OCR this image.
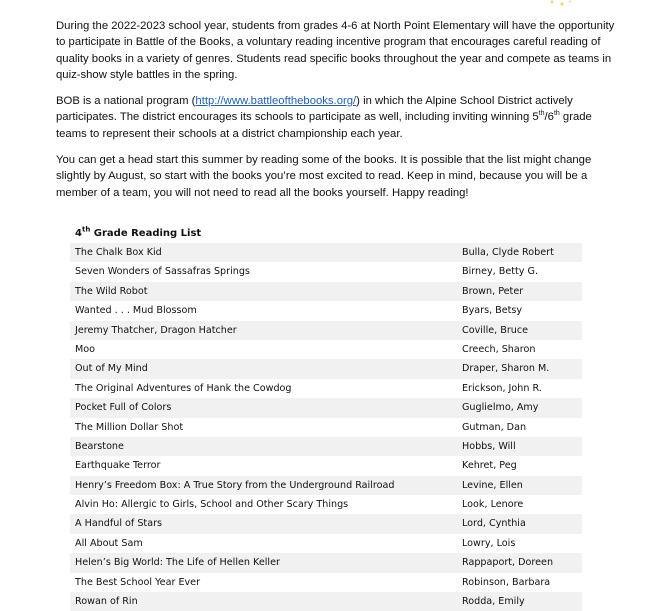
During the 2022-2023 school year, students from grades 4-6 at North Point Elementary will have the opportunity to participate in Battle of the Books, a voluntary reading incentive program that encourages careful reading of quality books in a variety of genres. Students read specific books throughout the year and compete as teams in quiz-show style battles in the spring.

BOB is a national program (http://www.battleofthebooks.org/) in which the Alpine School District actively participates. The district encourages its schools to participate as well, including inviting winning 5th/6th grade teams to represent their schools at a district championship each year.

You can get a head start this summer by reading some of the books. It is possible that the list might change slightly by August, so start with the books you’re most excited to read. Keep in mind, because you will be a member of a team, you will not need to read all the books yourself. Happy reading!

4th Grade Reading List
The Chalk Box Kid	Bulla, Clyde Robert
Seven Wonders of Sassafras Springs	Birney, Betty G.
The Wild Robot	Brown, Peter
Wanted . . . Mud Blossom	Byars, Betsy
Jeremy Thatcher, Dragon Hatcher	Coville, Bruce
Moo	Creech, Sharon
Out of My Mind	Draper, Sharon M.
The Original Adventures of Hank the Cowdog	Erickson, John R.
Pocket Full of Colors	Guglielmo, Amy
The Million Dollar Shot	Gutman, Dan
Bearstone	Hobbs, Will
Earthquake Terror	Kehret, Peg
Henry’s Freedom Box: A True Story from the Underground Railroad	Levine, Ellen
Alvin Ho: Allergic to Girls, School and Other Scary Things	Look, Lenore
A Handful of Stars	Lord, Cynthia
All About Sam	Lowry, Lois
Helen’s Big World: The Life of Hellen Keller	Rappaport, Doreen
The Best School Year Ever	Robinson, Barbara
Rowan of Rin	Rodda, Emily
